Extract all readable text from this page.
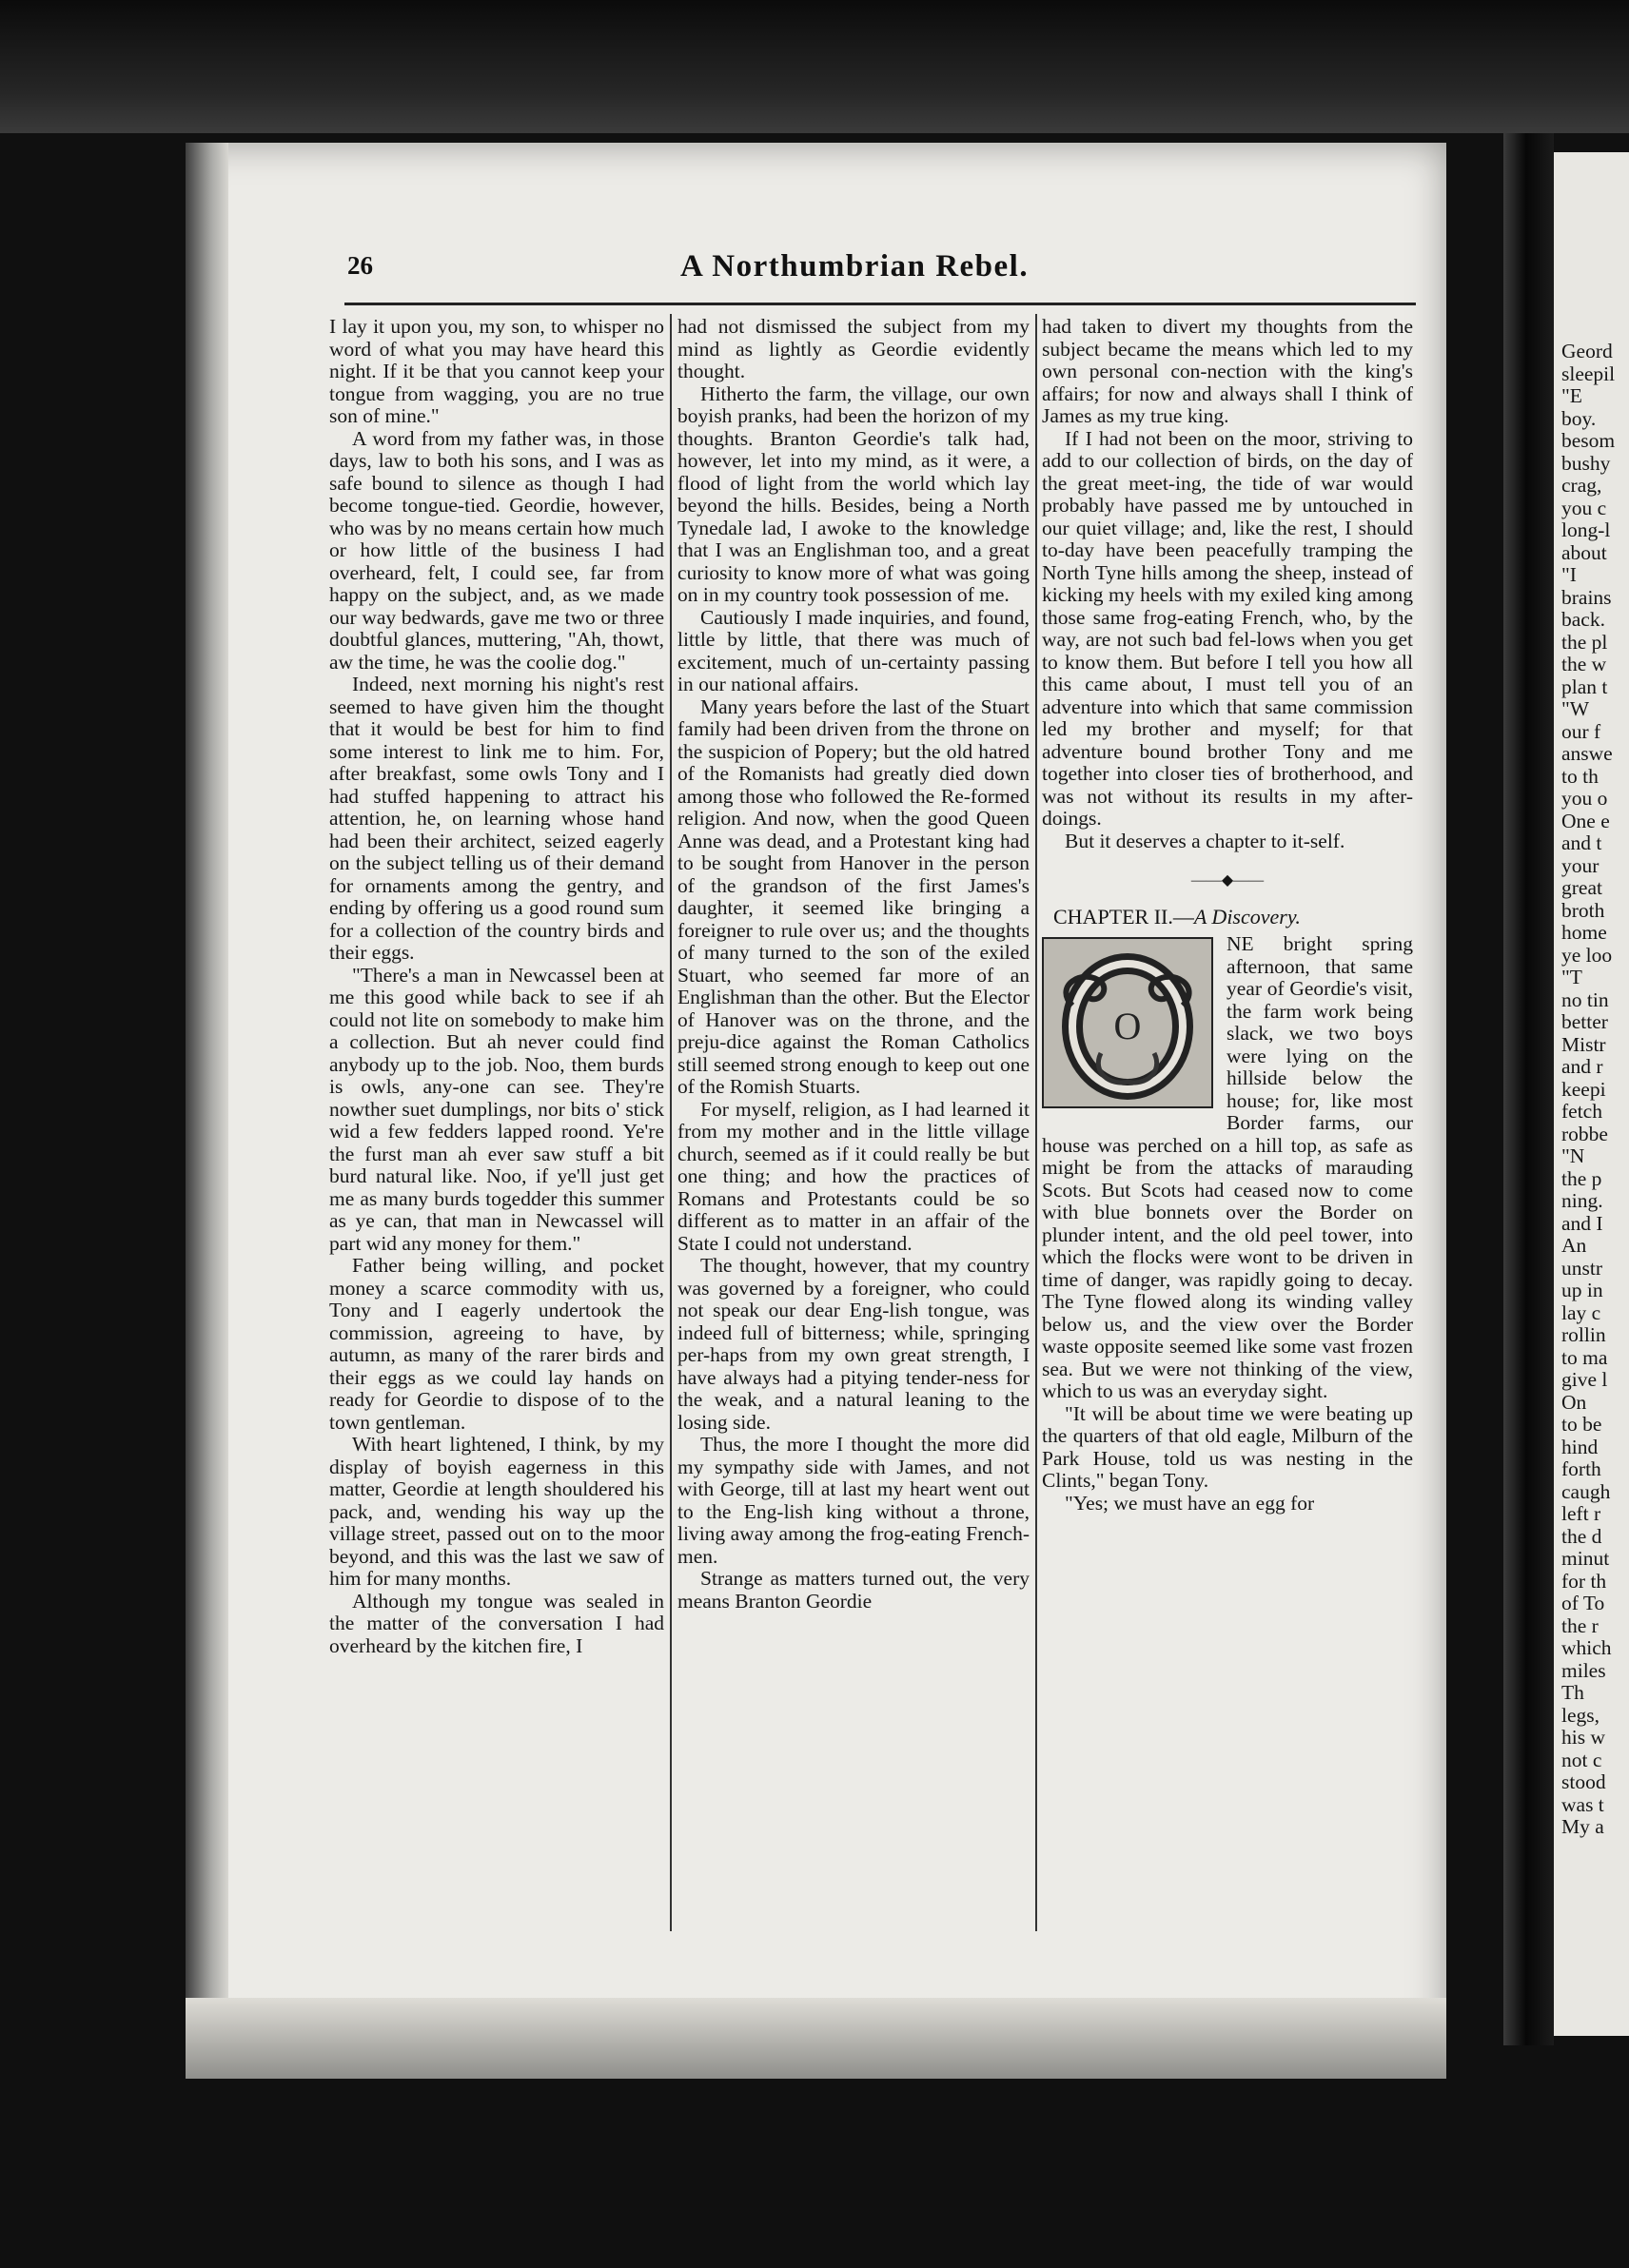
Geord
sleepil
"E
boy.
besom
bushy
crag,
you c
long-l
about
"I
brains
back.
the pl
the w
plan t
"W
our f
answe
to th
you o
One e
and t
your
great
broth
home
ye loo
"T
no tin
better
Mistr
and r
keepi
fetch
robbe
"N
the p
ning.
and I
An
unstr
up in
lay c
rollin
to ma
give l
On
to be
hind
forth
caugh
left r
the d
minut
for th
of To
the r
which
miles
Th
legs,
his w
not c
stood
was t
My a
26	A Northumbrian Rebel.

I lay it upon you, my son, to whisper no word of what you may have heard this night. If it be that you cannot keep your tongue from wagging, you are no true son of mine."

A word from my father was, in those days, law to both his sons, and I was as safe bound to silence as though I had become tongue-tied. Geordie, however, who was by no means certain how much or how little of the business I had overheard, felt, I could see, far from happy on the subject, and, as we made our way bedwards, gave me two or three doubtful glances, muttering, "Ah, thowt, aw the time, he was the coolie dog."

Indeed, next morning his night's rest seemed to have given him the thought that it would be best for him to find some interest to link me to him. For, after breakfast, some owls Tony and I had stuffed happening to attract his attention, he, on learning whose hand had been their architect, seized eagerly on the subject telling us of their demand for ornaments among the gentry, and ending by offering us a good round sum for a collection of the country birds and their eggs.

"There's a man in Newcassel been at me this good while back to see if ah could not lite on somebody to make him a collection. But ah never could find anybody up to the job. Noo, them burds is owls, any-one can see. They're nowther suet dumplings, nor bits o' stick wid a few fedders lapped roond. Ye're the furst man ah ever saw stuff a bit burd natural like. Noo, if ye'll just get me as many burds togedder this summer as ye can, that man in Newcassel will part wid any money for them."

Father being willing, and pocket money a scarce commodity with us, Tony and I eagerly undertook the commission, agreeing to have, by autumn, as many of the rarer birds and their eggs as we could lay hands on ready for Geordie to dispose of to the town gentleman.

With heart lightened, I think, by my display of boyish eagerness in this matter, Geordie at length shouldered his pack, and, wending his way up the village street, passed out on to the moor beyond, and this was the last we saw of him for many months.

Although my tongue was sealed in the matter of the conversation I had overheard by the kitchen fire, I

had not dismissed the subject from my mind as lightly as Geordie evidently thought.

Hitherto the farm, the village, our own boyish pranks, had been the horizon of my thoughts. Branton Geordie's talk had, however, let into my mind, as it were, a flood of light from the world which lay beyond the hills. Besides, being a North Tynedale lad, I awoke to the knowledge that I was an Englishman too, and a great curiosity to know more of what was going on in my country took possession of me.

Cautiously I made inquiries, and found, little by little, that there was much of excitement, much of un-certainty passing in our national affairs.

Many years before the last of the Stuart family had been driven from the throne on the suspicion of Popery; but the old hatred of the Romanists had greatly died down among those who followed the Re-formed religion. And now, when the good Queen Anne was dead, and a Protestant king had to be sought from Hanover in the person of the grandson of the first James's daughter, it seemed like bringing a foreigner to rule over us; and the thoughts of many turned to the son of the exiled Stuart, who seemed far more of an Englishman than the other. But the Elector of Hanover was on the throne, and the preju-dice against the Roman Catholics still seemed strong enough to keep out one of the Romish Stuarts.

For myself, religion, as I had learned it from my mother and in the little village church, seemed as if it could really be but one thing; and how the practices of Romans and Protestants could be so different as to matter in an affair of the State I could not understand.

The thought, however, that my country was governed by a foreigner, who could not speak our dear Eng-lish tongue, was indeed full of bitterness; while, springing per-haps from my own great strength, I have always had a pitying tender-ness for the weak, and a natural leaning to the losing side.

Thus, the more I thought the more did my sympathy side with James, and not with George, till at last my heart went out to the Eng-lish king without a throne, living away among the frog-eating French-men.

Strange as matters turned out, the very means Branton Geordie

had taken to divert my thoughts from the subject became the means which led to my own personal con-nection with the king's affairs; for now and always shall I think of James as my true king.

If I had not been on the moor, striving to add to our collection of birds, on the day of the great meet-ing, the tide of war would probably have passed me by untouched in our quiet village; and, like the rest, I should to-day have been peacefully tramping the North Tyne hills among the sheep, instead of kicking my heels with my exiled king among those same frog-eating French, who, by the way, are not such bad fel-lows when you get to know them. But before I tell you how all this came about, I must tell you of an adventure into which that same commission led my brother and myself; for that adventure bound brother Tony and me together into closer ties of brotherhood, and was not without its results in my after-doings.

But it deserves a chapter to it-self.

——◆——
CHAPTER II.—A Discovery.
O

NE bright spring afternoon, that same year of Geordie's visit, the farm work being slack, we two boys were lying on the hillside below the house; for, like most Border farms, our house was perched on a hill top, as safe as might be from the attacks of marauding Scots. But Scots had ceased now to come with blue bonnets over the Border on plunder intent, and the old peel tower, into which the flocks were wont to be driven in time of danger, was rapidly going to decay. The Tyne flowed along its winding valley below us, and the view over the Border waste opposite seemed like some vast frozen sea. But we were not thinking of the view, which to us was an everyday sight.

"It will be about time we were beating up the quarters of that old eagle, Milburn of the Park House, told us was nesting in the Clints," began Tony.

"Yes; we must have an egg for
